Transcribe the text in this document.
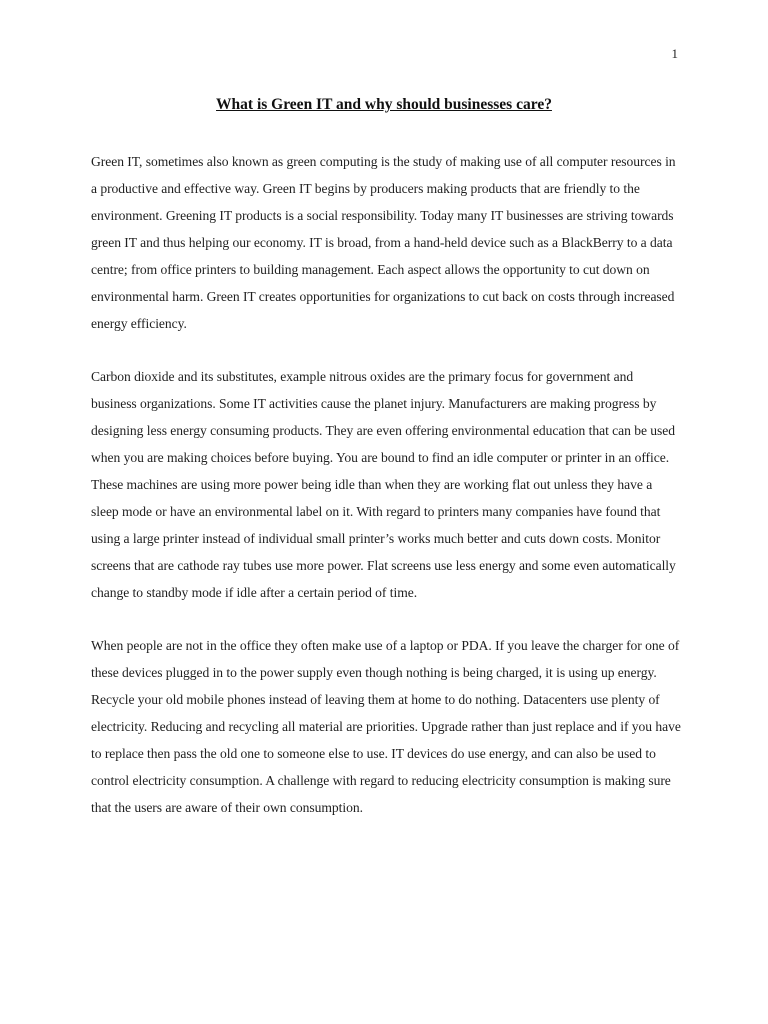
1
What is Green IT and why should businesses care?

Green IT, sometimes also known as green computing is the study of making use of all computer resources in a productive and effective way. Green IT begins by producers making products that are friendly to the environment. Greening IT products is a social responsibility. Today many IT businesses are striving towards green IT and thus helping our economy. IT is broad, from a hand-held device such as a BlackBerry to a data centre; from office printers to building management. Each aspect allows the opportunity to cut down on environmental harm. Green IT creates opportunities for organizations to cut back on costs through increased energy efficiency.

Carbon dioxide and its substitutes, example nitrous oxides are the primary focus for government and business organizations. Some IT activities cause the planet injury. Manufacturers are making progress by designing less energy consuming products. They are even offering environmental education that can be used when you are making choices before buying. You are bound to find an idle computer or printer in an office. These machines are using more power being idle than when they are working flat out unless they have a sleep mode or have an environmental label on it. With regard to printers many companies have found that using a large printer instead of individual small printer’s works much better and cuts down costs. Monitor screens that are cathode ray tubes use more power. Flat screens use less energy and some even automatically change to standby mode if idle after a certain period of time.

When people are not in the office they often make use of a laptop or PDA. If you leave the charger for one of these devices plugged in to the power supply even though nothing is being charged, it is using up energy. Recycle your old mobile phones instead of leaving them at home to do nothing. Datacenters use plenty of electricity. Reducing and recycling all material are priorities. Upgrade rather than just replace and if you have to replace then pass the old one to someone else to use. IT devices do use energy, and can also be used to control electricity consumption. A challenge with regard to reducing electricity consumption is making sure that the users are aware of their own consumption.
